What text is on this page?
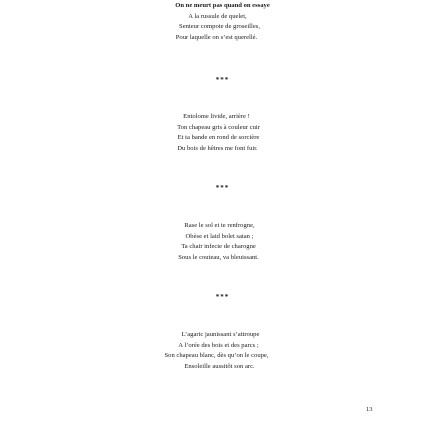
On ne meurt pas quand on essaye
A la russule de quelet,
Senteur compote de groseilles,
Pour laquelle on s’est querellé.
***
Entolome livide, arrière !
Ton chapeau gris à couleur cuir
Et ta bande en rond de sorcière
Du bois de hêtres me font fuir.
***
Rase le sol et te renfrogne,
Obèse et laid bolet satan ;
Ta chair infecte de charogne
Sous le couteau, va bleuissant.
***
L’agaric jaunissant s’attroupe
A l’orée des bois et des parcs ;
Son chapeau blanc, dès qu’on le coupe,
Ensoleille aussitôt son arc.
13
